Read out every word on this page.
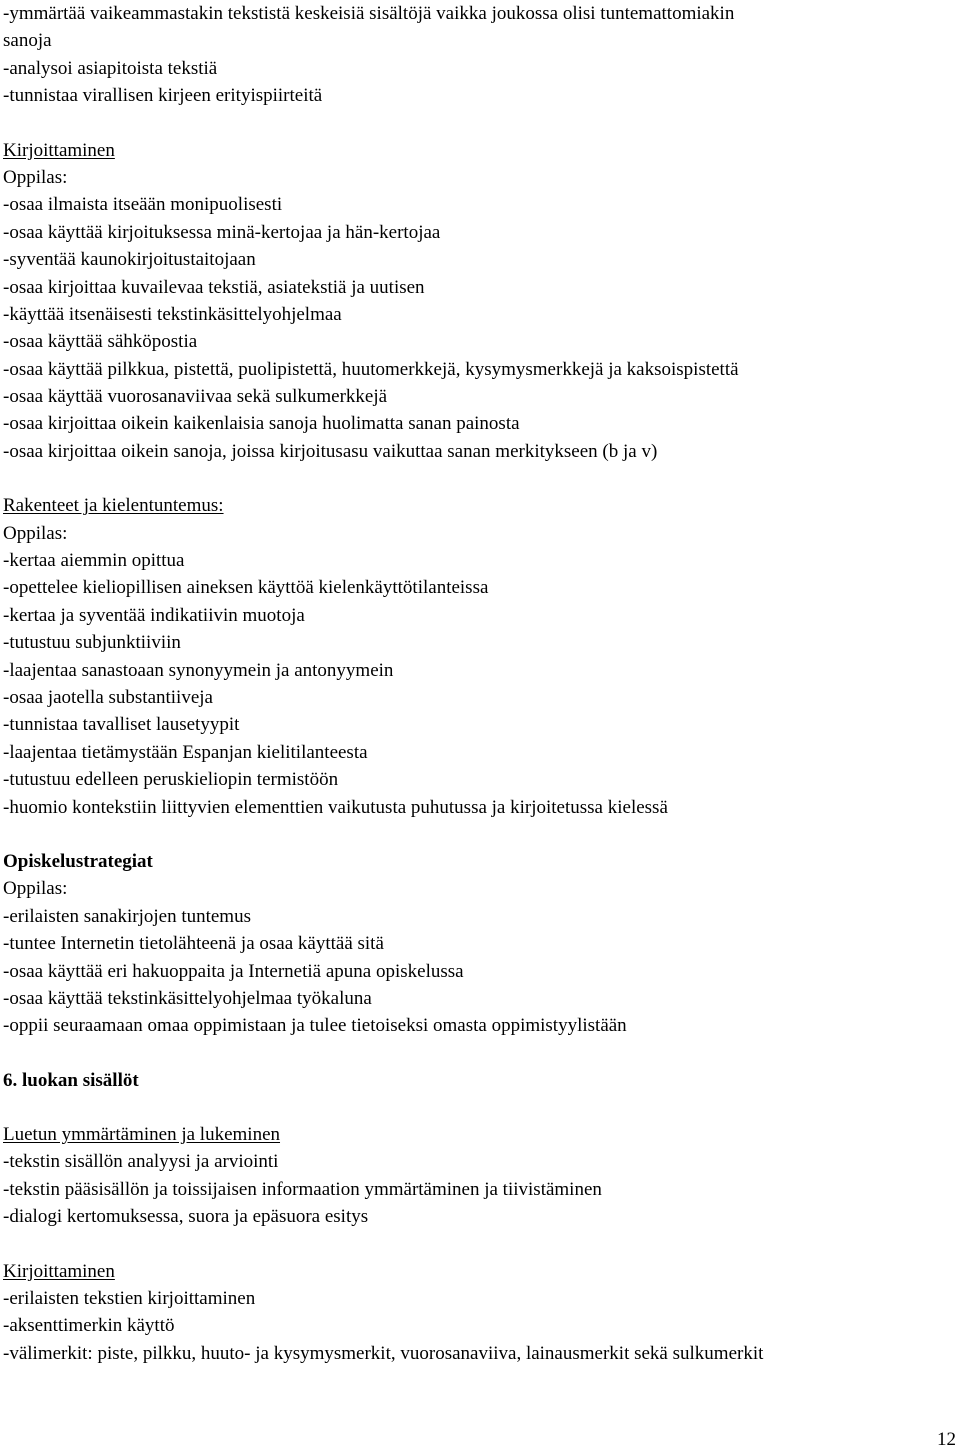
-ymmärtää vaikeammastakin tekstistä keskeisiä sisältöjä vaikka joukossa olisi tuntemattomiakin
sanoja
-analysoi asiapitoista tekstiä
-tunnistaa virallisen kirjeen erityispiirteitä
Kirjoittaminen
Oppilas:
-osaa ilmaista itseään monipuolisesti
-osaa käyttää kirjoituksessa minä-kertojaa ja hän-kertojaa
-syventää kaunokirjoitustaitojaan
-osaa kirjoittaa kuvailevaa tekstiä, asiatekstiä ja uutisen
-käyttää itsenäisesti tekstinkäsittelyohjelmaa
-osaa käyttää sähköpostia
-osaa käyttää pilkkua, pistettä, puolipistettä, huutomerkkejä, kysymysmerkkejä ja kaksoispistettä
-osaa käyttää vuorosanaviivaa sekä sulkumerkkejä
-osaa kirjoittaa oikein kaikenlaisia sanoja huolimatta sanan painosta
-osaa kirjoittaa oikein sanoja, joissa kirjoitusasu vaikuttaa sanan merkitykseen (b ja v)
Rakenteet ja kielentuntemus:
Oppilas:
-kertaa aiemmin opittua
-opettelee kieliopillisen aineksen käyttöä kielenkäyttötilanteissa
-kertaa ja syventää indikatiivin muotoja
-tutustuu subjunktiiviin
-laajentaa sanastoaan synonyymein ja antonyymein
-osaa jaotella substantiiveja
-tunnistaa tavalliset lausetyypit
-laajentaa tietämystään Espanjan kielitilanteesta
-tutustuu edelleen peruskieliopin termistöön
-huomio kontekstiin liittyvien elementtien vaikutusta puhutussa ja kirjoitetussa kielessä
Opiskelustrategiat
Oppilas:
-erilaisten sanakirjojen tuntemus
-tuntee Internetin tietolähteenä ja osaa käyttää sitä
-osaa käyttää eri hakuoppaita ja Internetiä apuna opiskelussa
-osaa käyttää tekstinkäsittelyohjelmaa työkaluna
-oppii seuraamaan omaa oppimistaan ja tulee tietoiseksi omasta oppimistyylistään
6. luokan sisällöt
Luetun ymmärtäminen ja lukeminen
-tekstin sisällön analyysi ja arviointi
-tekstin pääsisällön ja toissijaisen informaation ymmärtäminen ja tiivistäminen
-dialogi kertomuksessa, suora ja epäsuora esitys
Kirjoittaminen
-erilaisten tekstien kirjoittaminen
-aksenttimerkin käyttö
-välimerkit: piste, pilkku, huuto- ja kysymysmerkit, vuorosanaviiva, lainausmerkit sekä sulkumerkit
12
